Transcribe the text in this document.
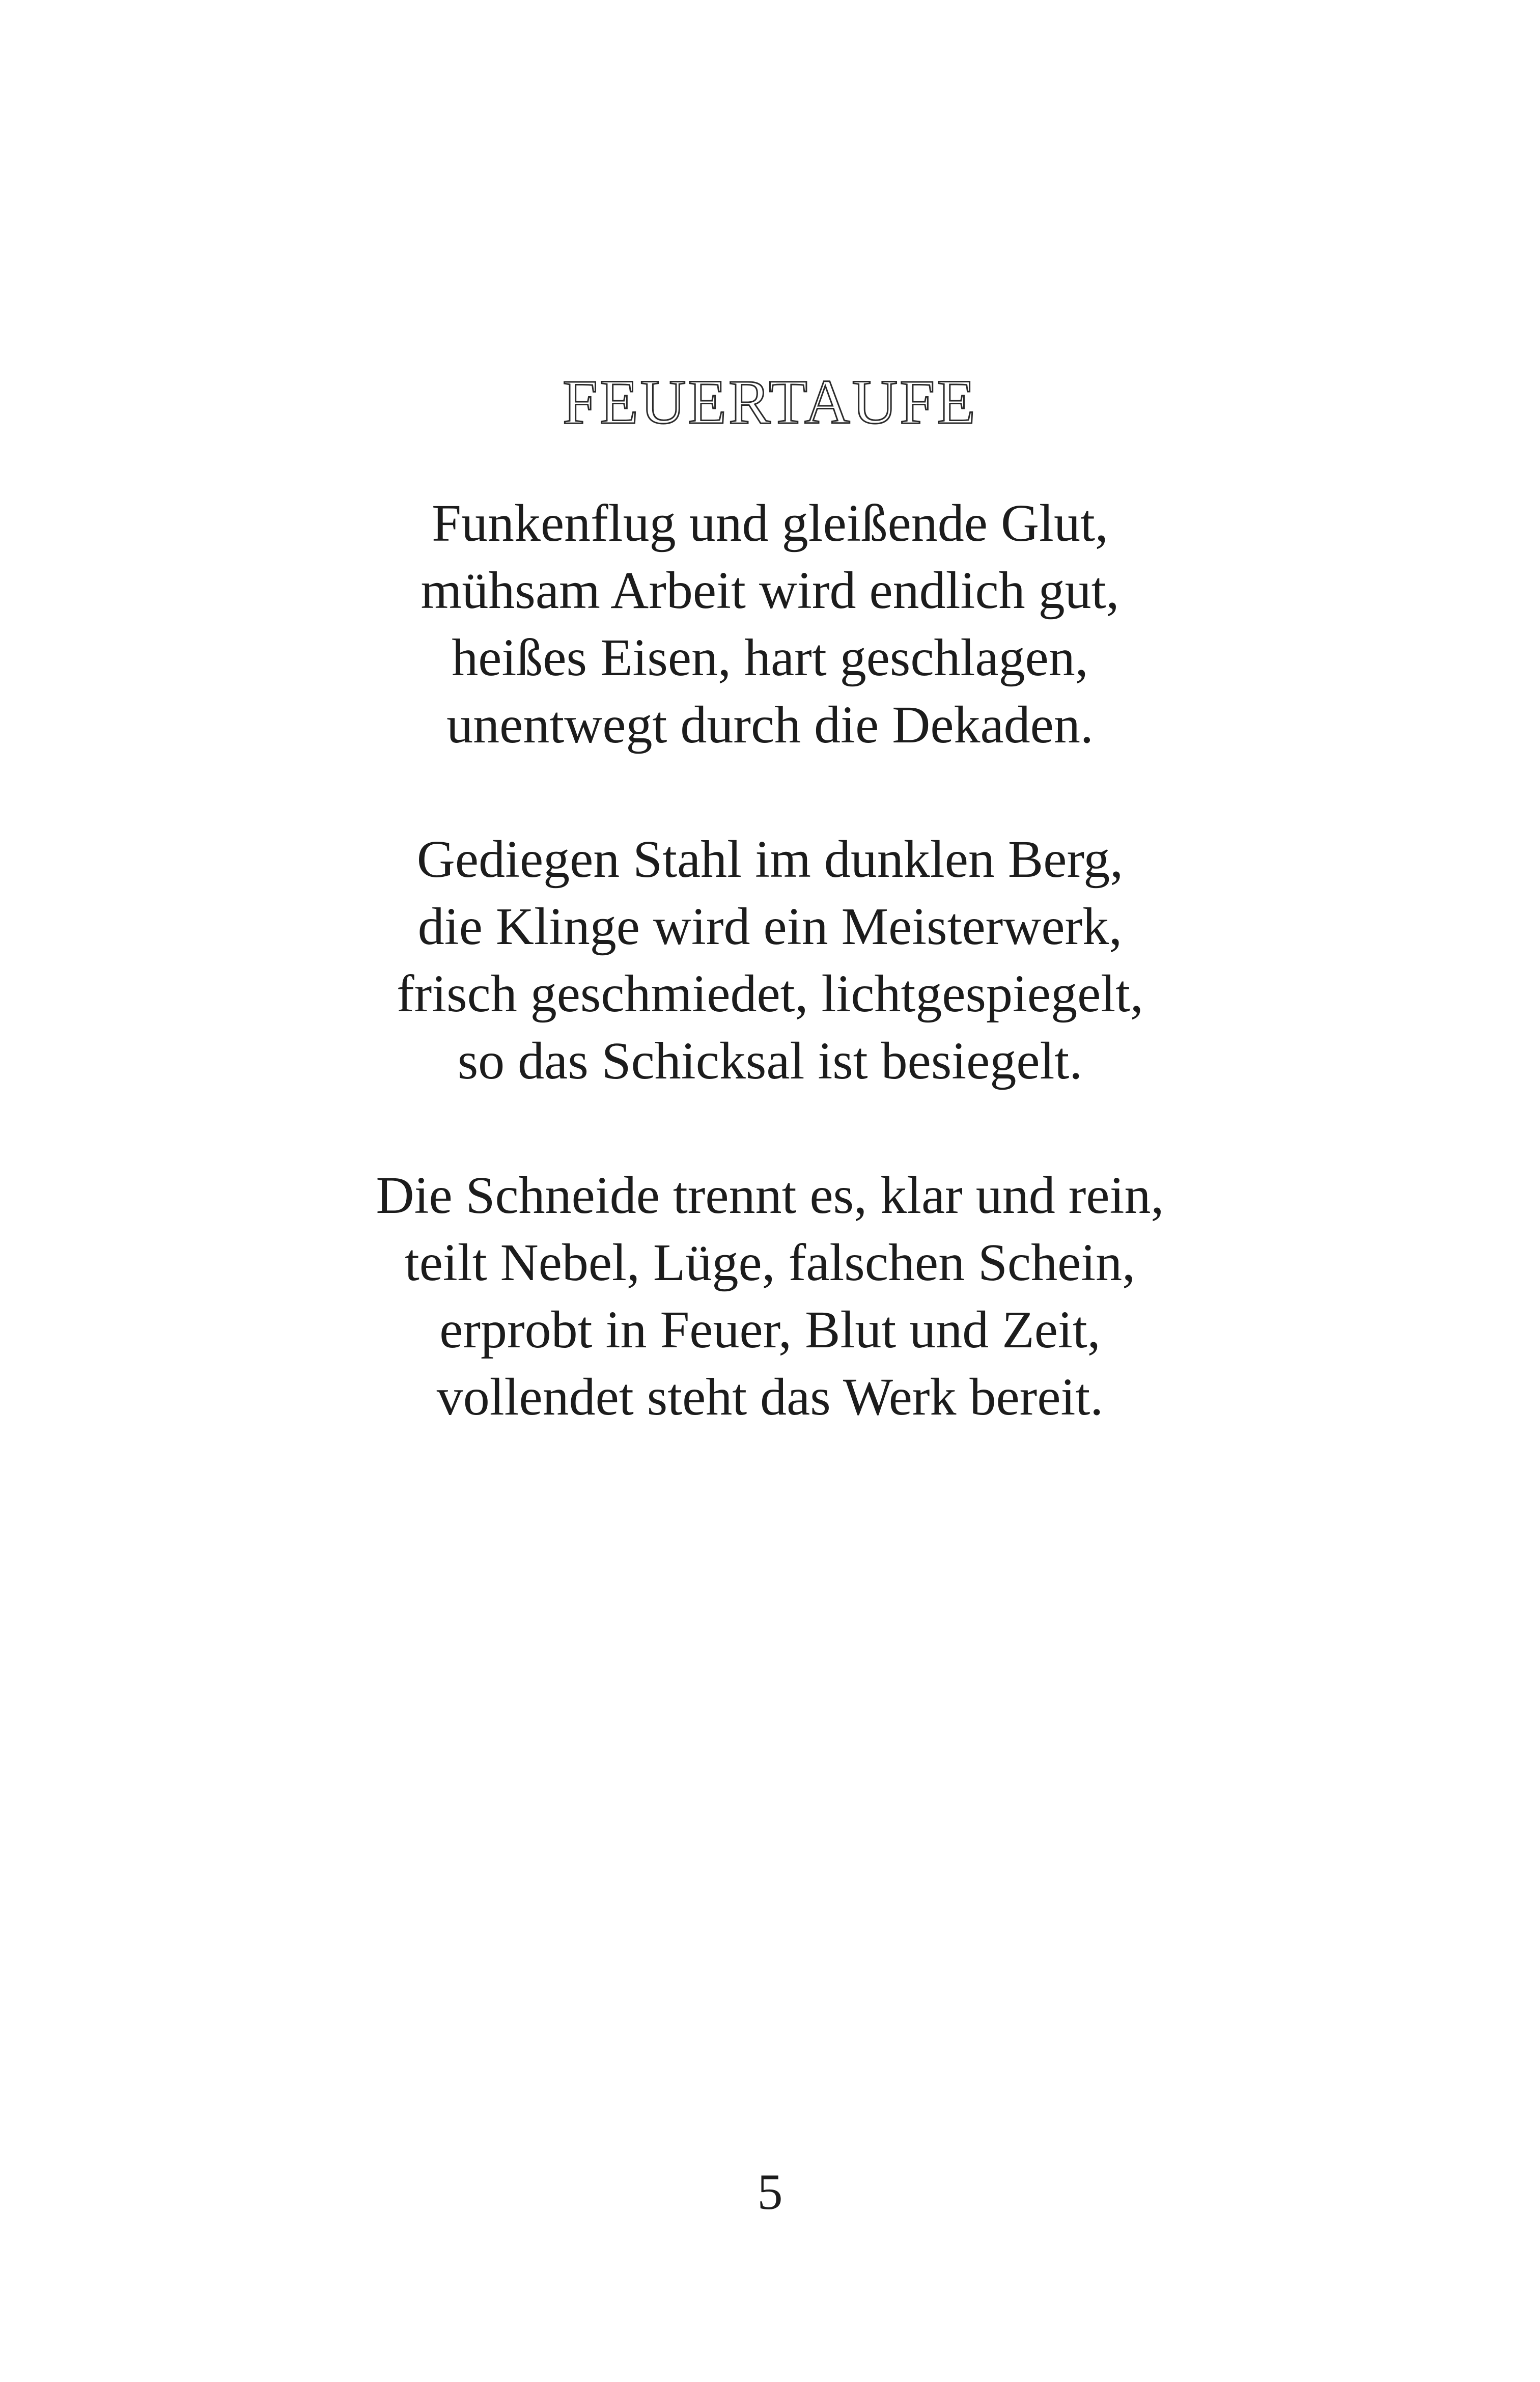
FEUERTAUFE

Funkenflug und gleißende Glut,
mühsam Arbeit wird endlich gut,
heißes Eisen, hart geschlagen,
unentwegt durch die Dekaden.

Gediegen Stahl im dunklen Berg,
die Klinge wird ein Meisterwerk,
frisch geschmiedet, lichtgespiegelt,
so das Schicksal ist besiegelt.

Die Schneide trennt es, klar und rein,
teilt Nebel, Lüge, falschen Schein,
erprobt in Feuer, Blut und Zeit,
vollendet steht das Werk bereit.

5
